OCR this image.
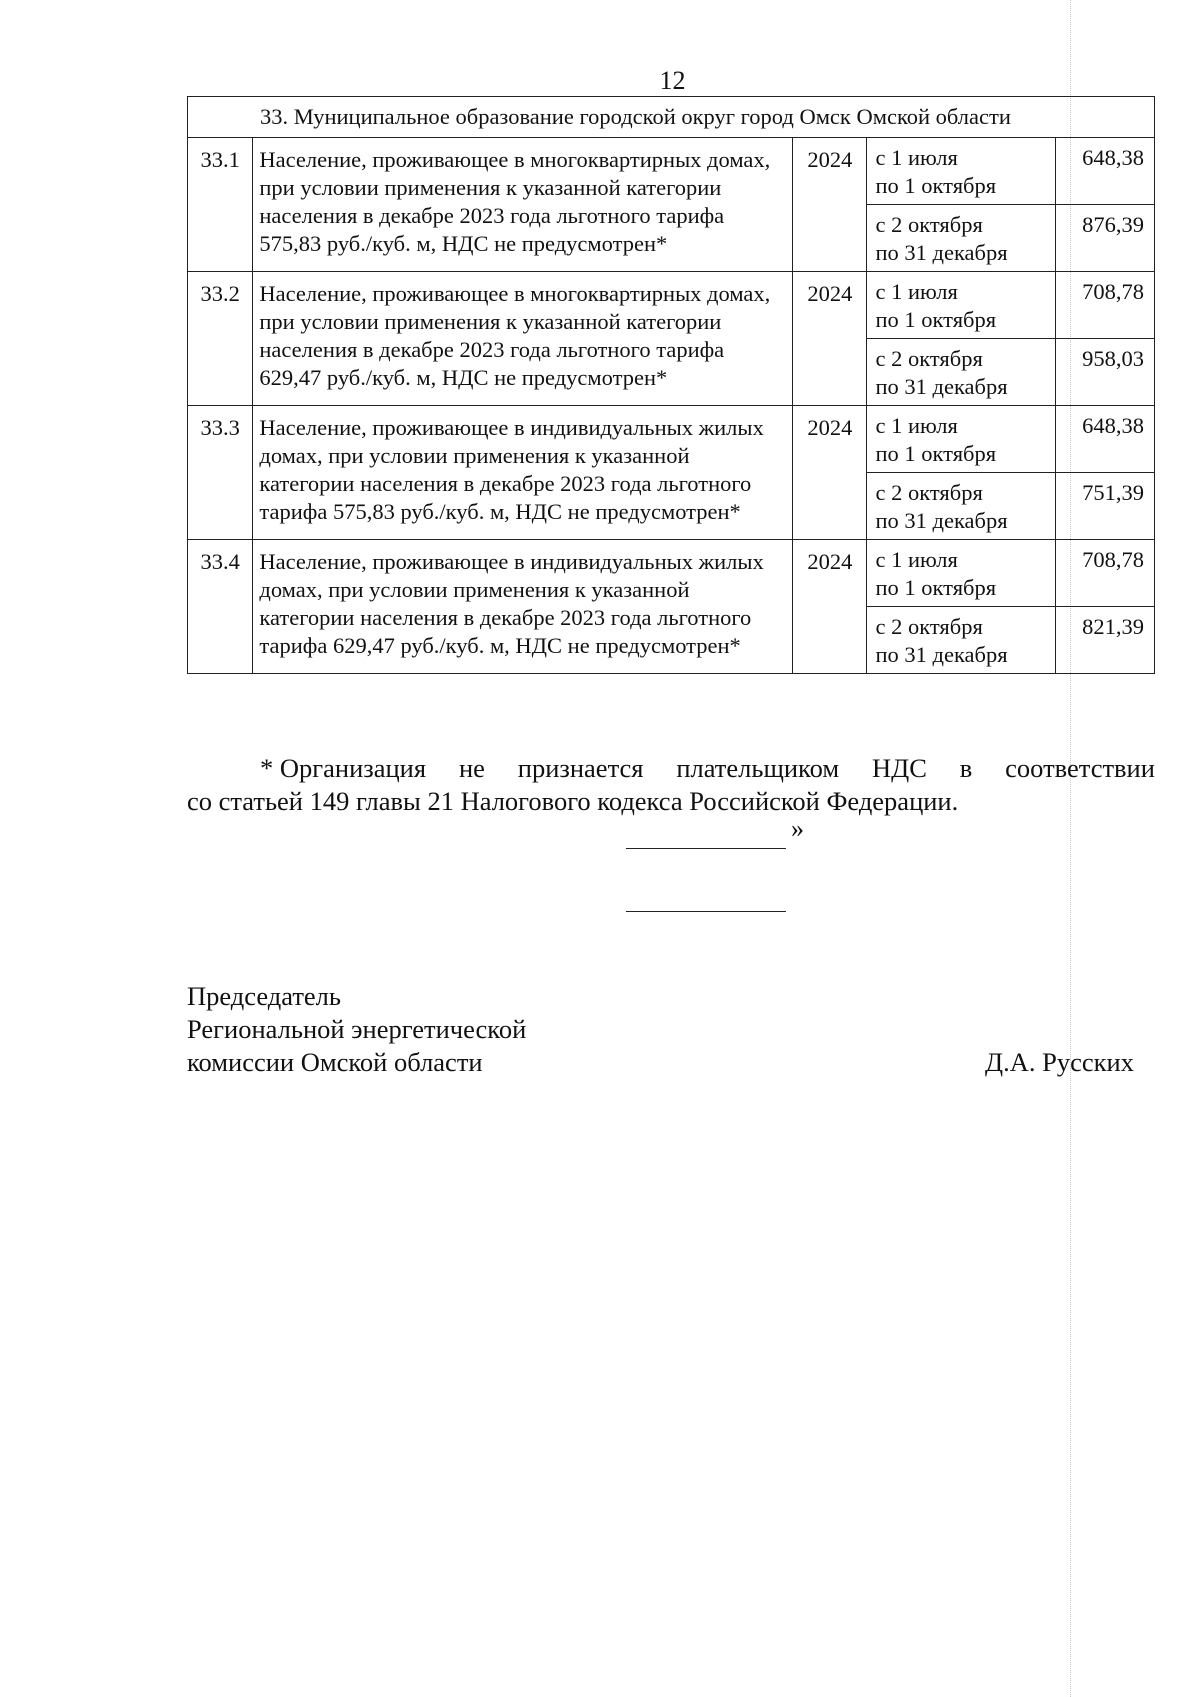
12
33. Муниципальное образование городской округ город Омск Омской области				
33.1	Население, проживающее в многоквартирных домах, при условии применения к указанной категории населения в декабре 2023 года льготного тарифа 575,83 руб./куб. м, НДС не предусмотрен*	2024	с 1 июля
по 1 октября	648,38

			с 2 октября
по 31 декабря	876,39
33.2	Население, проживающее в многоквартирных домах, при условии применения к указанной категории населения в декабре 2023 года льготного тарифа 629,47 руб./куб. м, НДС не предусмотрен*	2024	с 1 июля
по 1 октября	708,78

			с 2 октября
по 31 декабря	958,03
33.3	Население, проживающее в индивидуальных жилых домах, при условии применения к указанной категории населения в декабре 2023 года льготного тарифа 575,83 руб./куб. м, НДС не предусмотрен*	2024	с 1 июля
по 1 октября	648,38

			с 2 октября
по 31 декабря	751,39
33.4	Население, проживающее в индивидуальных жилых домах, при условии применения к указанной категории населения в декабре 2023 года льготного тарифа 629,47 руб./куб. м, НДС не предусмотрен*	2024	с 1 июля
по 1 октября	708,78

			с 2 октября
по 31 декабря	821,39
* Организация не признается плательщиком НДС в соответствии
со статьей 149 главы 21 Налогового кодекса Российской Федерации.
»
Председатель
Региональной энергетической
комиссии Омской области	Д.А. Русских
